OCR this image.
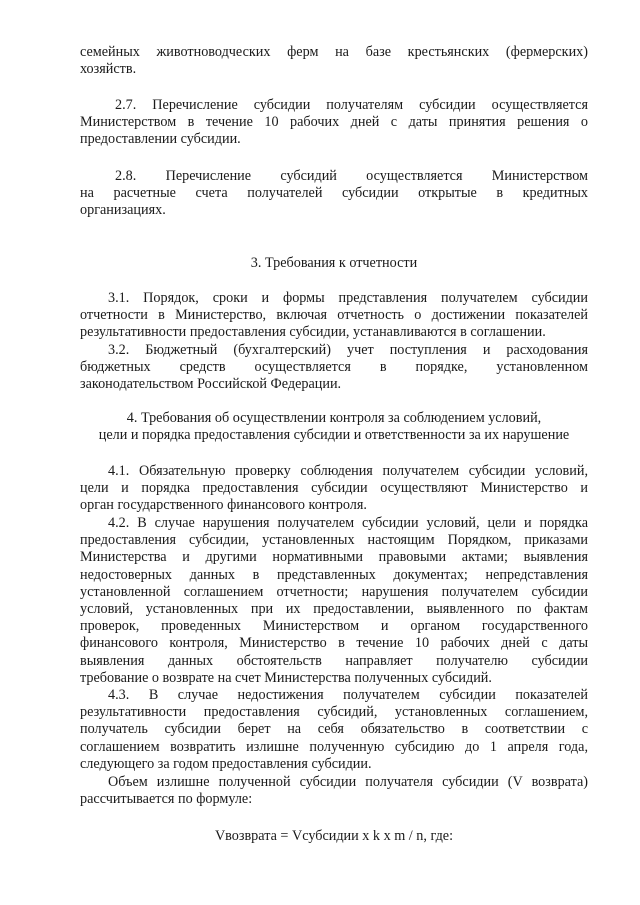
семейных животноводческих ферм на базе крестьянских (фермерских)
хозяйств.
2.7. Перечисление субсидии получателям субсидии осуществляется
Министерством в течение 10 рабочих дней с даты принятия решения о
предоставлении субсидии.
2.8. Перечисление субсидий осуществляется Министерством
на расчетные счета получателей субсидии открытые в кредитных
организациях.
3. Требования к отчетности
3.1. Порядок, сроки и формы представления получателем субсидии
отчетности в Министерство, включая отчетность о достижении показателей
результативности предоставления субсидии, устанавливаются в соглашении.
3.2. Бюджетный (бухгалтерский) учет поступления и расходования
бюджетных средств осуществляется в порядке, установленном
законодательством Российской Федерации.
4. Требования об осуществлении контроля за соблюдением условий,
цели и порядка предоставления субсидии и ответственности за их нарушение
4.1. Обязательную проверку соблюдения получателем субсидии условий,
цели и порядка предоставления субсидии осуществляют Министерство и
орган государственного финансового контроля.
4.2. В случае нарушения получателем субсидии условий, цели и порядка
предоставления субсидии, установленных настоящим Порядком, приказами
Министерства и другими нормативными правовыми актами; выявления
недостоверных данных в представленных документах; непредставления
установленной соглашением отчетности; нарушения получателем субсидии
условий, установленных при их предоставлении, выявленного по фактам
проверок, проведенных Министерством и органом государственного
финансового контроля, Министерство в течение 10 рабочих дней с даты
выявления данных обстоятельств направляет получателю субсидии
требование о возврате на счет Министерства полученных субсидий.
4.3. В случае недостижения получателем субсидии показателей
результативности предоставления субсидий, установленных соглашением,
получатель субсидии берет на себя обязательство в соответствии с
соглашением возвратить излишне полученную субсидию до 1 апреля года,
следующего за годом предоставления субсидии.
Объем излишне полученной субсидии получателя субсидии (V возврата)
рассчитывается по формуле:
Vвозврата = Vсубсидии x k x m / n, где:
